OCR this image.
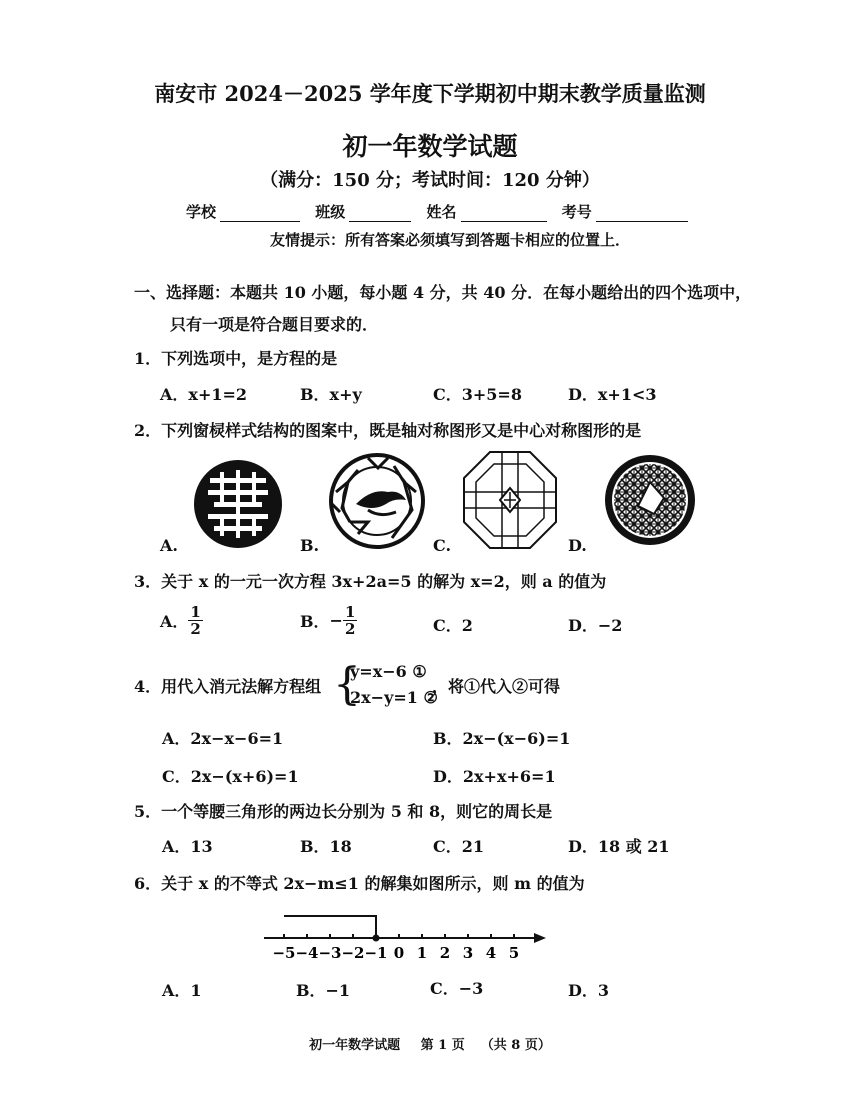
南安市 2024－2025 学年度下学期初中期末教学质量监测
初一年数学试题
（满分：150 分；考试时间：120 分钟）
学校	班级	姓名	考号
友情提示：所有答案必须填写到答题卡相应的位置上．
一、选择题：本题共 10 小题，每小题 4 分，共 40 分．在每小题给出的四个选项中，
只有一项是符合题目要求的．
1．下列选项中，是方程的是
A．x+1=2	B．x+y	C．3+5=8	D．x+1<3
2．下列窗棂样式结构的图案中，既是轴对称图形又是中心对称图形的是
A.	B.	C.	D.
3．关于 x 的一元一次方程 3x+2a=5 的解为 x=2，则 a 的值为
A． $\frac{1}{2}$	B． − $\frac{1}{2}$	C．2	D．−2
4．用代入消元法解方程组 {
y=x−6 ①
2x−y=1 ②
，将①代入②可得
A．2x−x−6=1	B．2x−(x−6)=1
C．2x−(x+6)=1	D．2x+x+6=1
5．一个等腰三角形的两边长分别为 5 和 8，则它的周长是
A．13	B．18	C．21	D．18 或 21
6．关于 x 的不等式 2x−m≤1 的解集如图所示，则 m 的值为
−5 −4 −3 −2 −1 0 1 2 3 4 5
A．1	B．−1	C．−3	D．3
初一年数学试题 第 1 页 （共 8 页）
